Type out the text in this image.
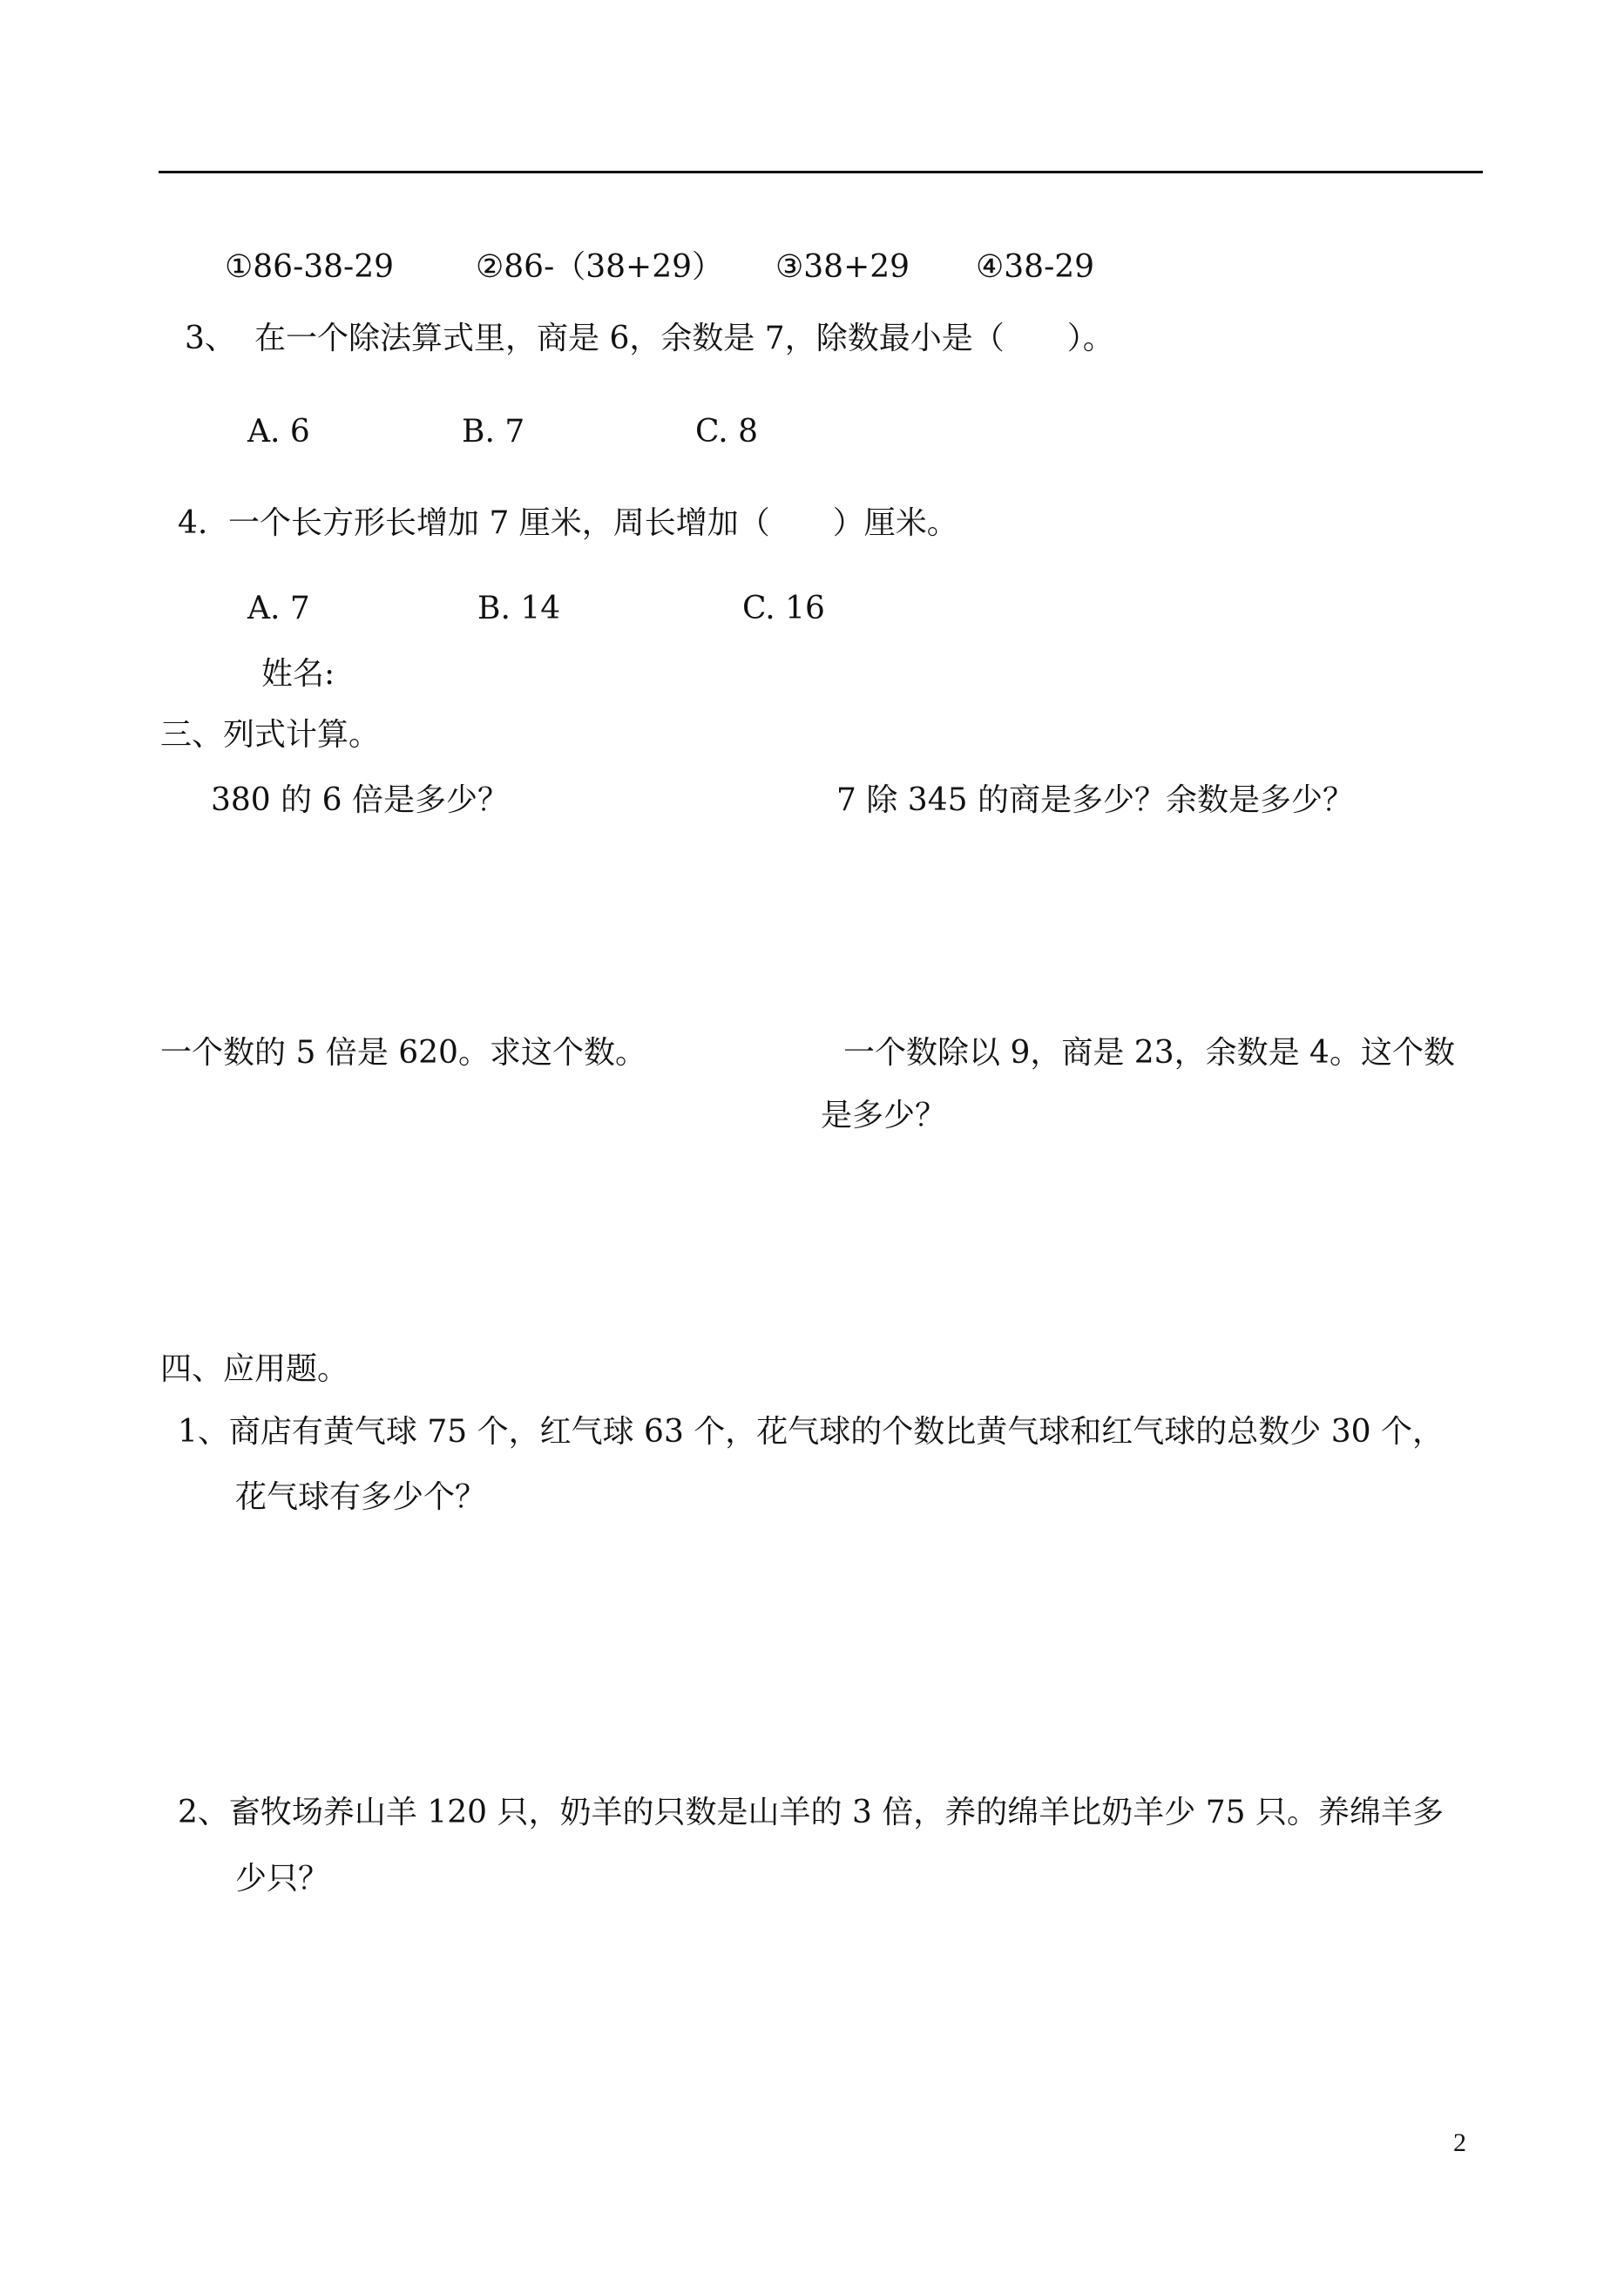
①86-38-29	②86-（38+29） ③38+29 ④38-29
3、 在一个除法算式里，商是 6，余数是 7，除数最小是（　　）。
A. 6	B. 7	C. 8
4. 一个长方形长增加 7 厘米，周长增加（　　）厘米。
A. 7	B. 14	C. 16
姓名:
三、列式计算。
380 的 6 倍是多少？	7 除 345 的商是多少？余数是多少？
一个数的 5 倍是 620。求这个数。	一个数除以 9，商是 23，余数是 4。这个数
是多少？
四、应用题。
1、商店有黄气球 75 个，红气球 63 个，花气球的个数比黄气球和红气球的总数少 30 个，
花气球有多少个？
2、畜牧场养山羊 120 只，奶羊的只数是山羊的 3 倍，养的绵羊比奶羊少 75 只。养绵羊多
少只？
2
